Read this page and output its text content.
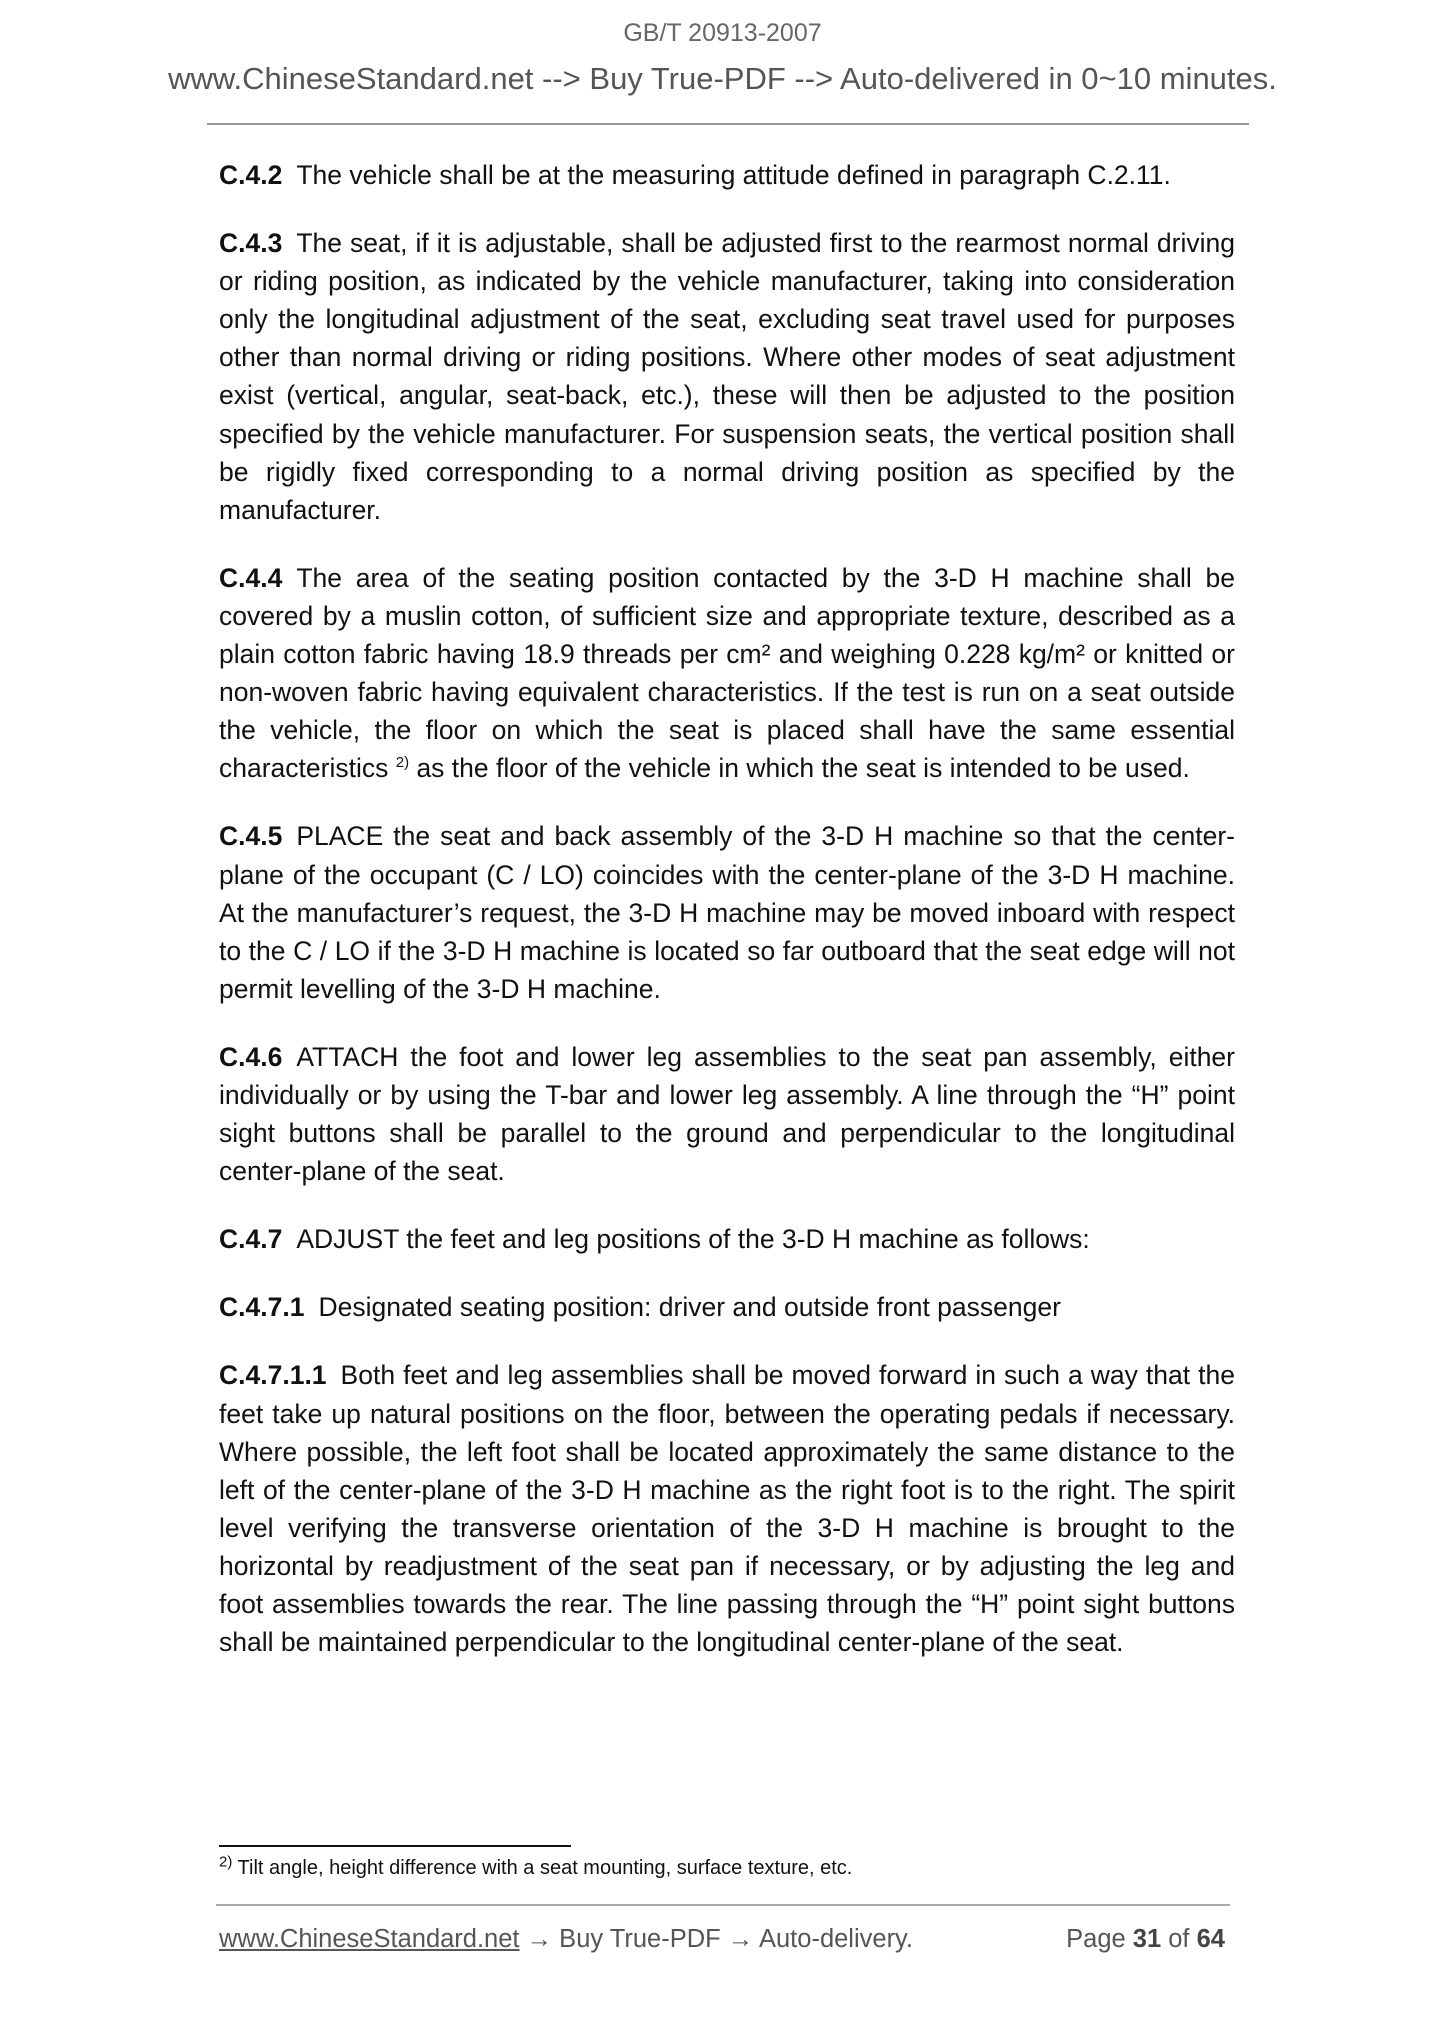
GB/T 20913-2007
www.ChineseStandard.net --> Buy True-PDF --> Auto-delivered in 0~10 minutes.
C.4.2 The vehicle shall be at the measuring attitude defined in paragraph C.2.11.
C.4.3 The seat, if it is adjustable, shall be adjusted first to the rearmost normal driving or riding position, as indicated by the vehicle manufacturer, taking into consideration only the longitudinal adjustment of the seat, excluding seat travel used for purposes other than normal driving or riding positions. Where other modes of seat adjustment exist (vertical, angular, seat-back, etc.), these will then be adjusted to the position specified by the vehicle manufacturer. For suspension seats, the vertical position shall be rigidly fixed corresponding to a normal driving position as specified by the manufacturer.
C.4.4 The area of the seating position contacted by the 3-D H machine shall be covered by a muslin cotton, of sufficient size and appropriate texture, described as a plain cotton fabric having 18.9 threads per cm² and weighing 0.228 kg/m² or knitted or non-woven fabric having equivalent characteristics. If the test is run on a seat outside the vehicle, the floor on which the seat is placed shall have the same essential characteristics $^{2)}$ as the floor of the vehicle in which the seat is intended to be used.
C.4.5 PLACE the seat and back assembly of the 3-D H machine so that the center-plane of the occupant (C / LO) coincides with the center-plane of the 3-D H machine. At the manufacturer’s request, the 3-D H machine may be moved inboard with respect to the C / LO if the 3-D H machine is located so far outboard that the seat edge will not permit levelling of the 3-D H machine.
C.4.6 ATTACH the foot and lower leg assemblies to the seat pan assembly, either individually or by using the T-bar and lower leg assembly. A line through the “H” point sight buttons shall be parallel to the ground and perpendicular to the longitudinal center-plane of the seat.
C.4.7 ADJUST the feet and leg positions of the 3-D H machine as follows:
C.4.7.1 Designated seating position: driver and outside front passenger
C.4.7.1.1 Both feet and leg assemblies shall be moved forward in such a way that the feet take up natural positions on the floor, between the operating pedals if necessary. Where possible, the left foot shall be located approximately the same distance to the left of the center-plane of the 3-D H machine as the right foot is to the right. The spirit level verifying the transverse orientation of the 3-D H machine is brought to the horizontal by readjustment of the seat pan if necessary, or by adjusting the leg and foot assemblies towards the rear. The line passing through the “H” point sight buttons shall be maintained perpendicular to the longitudinal center-plane of the seat.
$^{2)}$ Tilt angle, height difference with a seat mounting, surface texture, etc.
www.ChineseStandard.net → Buy True-PDF → Auto-delivery.	Page 31 of 64
